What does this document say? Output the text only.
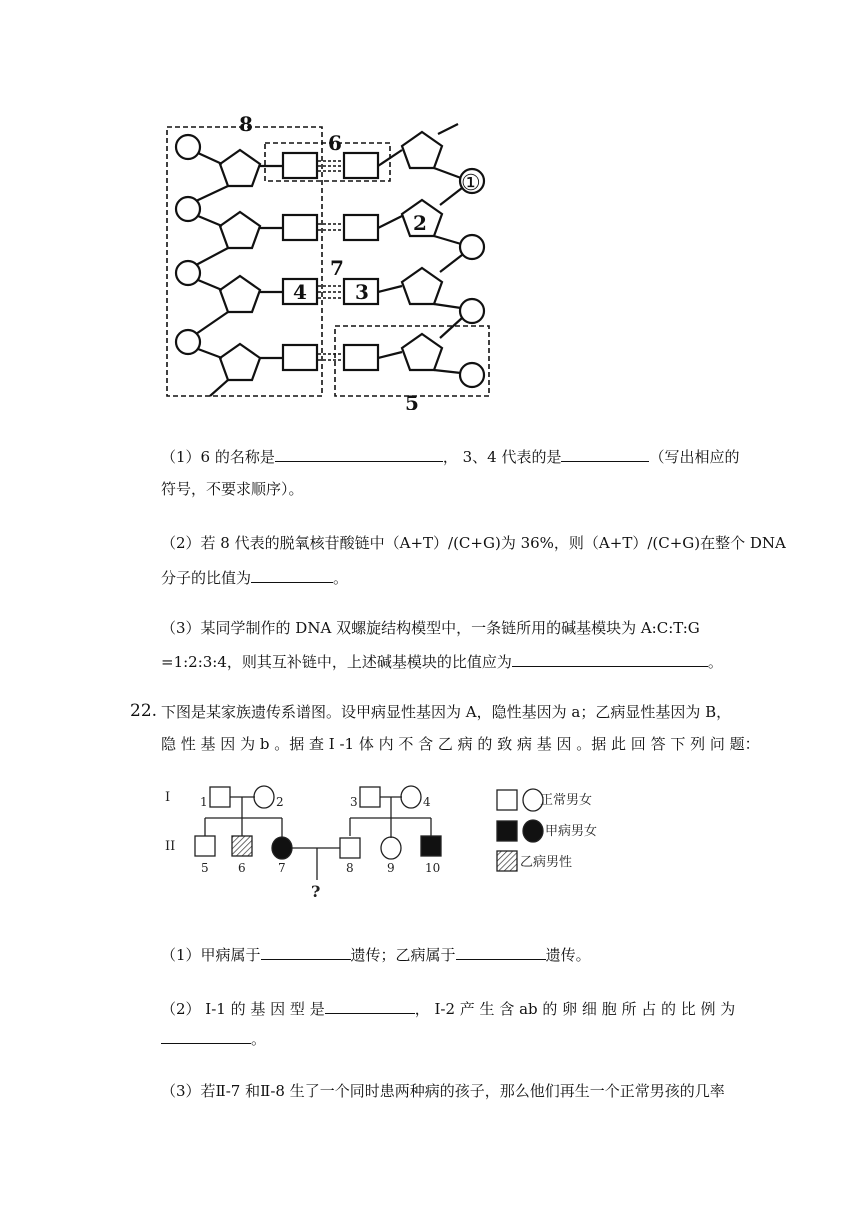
8
6
①
2
7
4 3
5
（1）6 的名称是	， 3、4 代表的是	（写出相应的
符号，不要求顺序）。
（2）若 8 代表的脱氧核苷酸链中（A+T）/(C+G)为 36%，则（A+T）/(C+G)在整个 DNA
分子的比值为	。
（3）某同学制作的 DNA 双螺旋结构模型中，一条链所用的碱基模块为 A:C:T:G
=1:2:3:4，则其互补链中，上述碱基模块的比值应为	。
22. 下图是某家族遗传系谱图。设甲病显性基因为 A，隐性基因为 a；乙病显性基因为 B，
隐 性 基 因 为 b 。据 查 Ⅰ -1 体 内 不 含 乙 病 的 致 病 基 因 。据 此 回 答 下 列 问 题：
I
II
1	2	3	4
5 6	7	8	9	10
?
正常男女
甲病男女
乙病男性
（1）甲病属于	遗传；乙病属于	遗传。
（2） Ⅰ-1 的 基 因 型 是	， Ⅰ-2 产 生 含 ab 的 卵 细 胞 所 占 的 比 例 为
。
（3）若Ⅱ-7 和Ⅱ-8 生了一个同时患两种病的孩子，那么他们再生一个正常男孩的几率
